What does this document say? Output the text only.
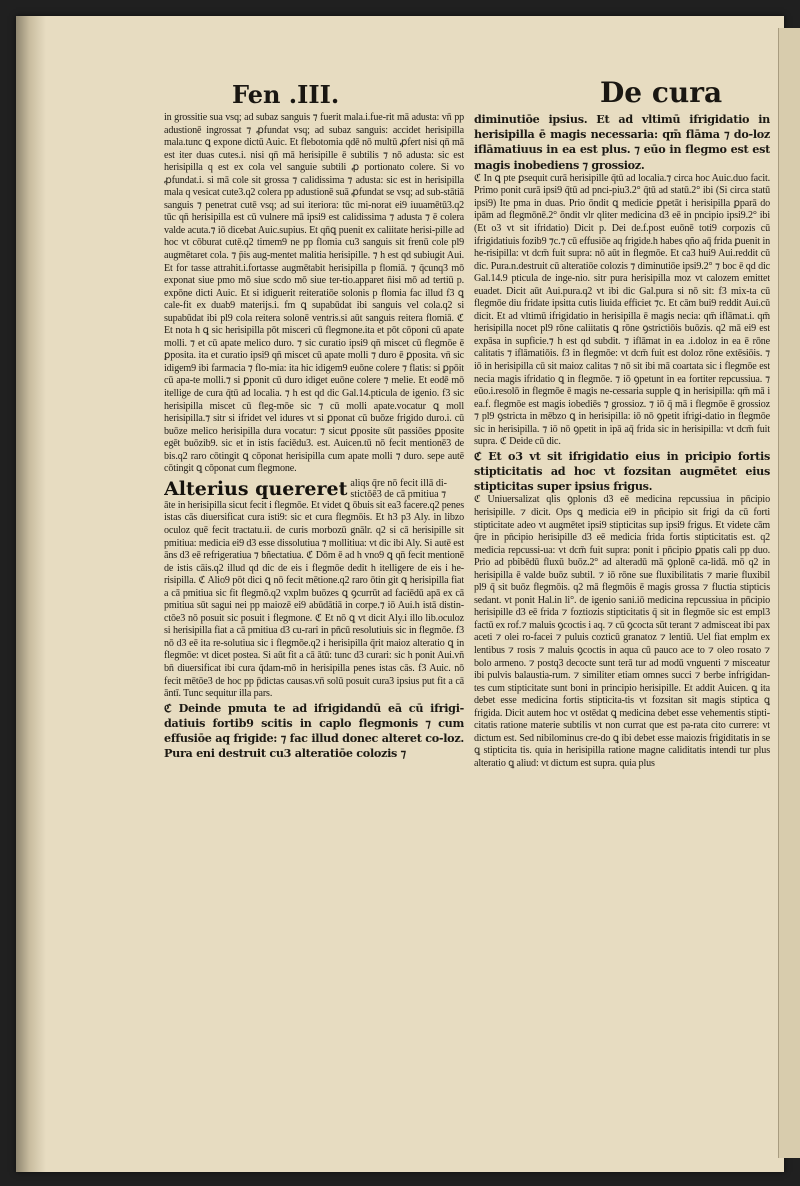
Fen .III.	De cura

in grossitie sua vsq; ad subaz sanguis ⁊ fuerit mala.i.fue-rit mā adusta: vn̄ pp adustionē ingrossat ⁊ ꝓfundat vsq; ad subaz sanguis: accidet herisipilla mala.tunc ꝗ expone dictū Auic. Et flebotomia qdē nō multū ꝓfert nisi qn̄ mā est iter duas cutes.i. nisi qn̄ mā herisipille ē subtilis ⁊ nō adusta: sic est herisipilla q est ex cola vel sanguie subtili ꝓ portionato colere. Si vo ꝓfundat.i. si mā cole sit grossa ⁊ calidissima ⁊ adusta: sic est in herisipilla mala q vesicat cute3.q2 colera pp adustionē suā ꝓfundat se vsq; ad sub-stātiā sanguis ⁊ penetrat cutē vsq; ad sui iteriora: tūc mi-norat ei9 iuuamētū3.q2 tūc qn̄ herisipilla est cū vulnere mā ipsi9 est calidissima ⁊ adusta ⁊ ē colera valde acuta.⁊ iō dicebat Auic.supius. Et qn̄ꝗ puenit ex caliitate herisi-pille ad hoc vt cōburat cutē.q2 timem9 ne pp flomia cu3 sanguis sit frenū cole pl9 augmētaret cola. ⁊ p̄is aug-mentet malitia herisipille. ⁊ h est qd subiugit Aui. Et for tasse attrahit.i.fortasse augmētabit herisipilla p flomiā. ⁊ q̄cunq3 mō exponat siue pmo mō siue scdo mō siue ter-tio.apparet n̄isi mō ad tertiū p. expōne dicti Auic. Et si idiguerit reiteratiōe solonis p flomia fac illud f3 ꝗ cale-fit ex duab9 materijs.i. fm ꝗ supabūdat ibi sanguis vel cola.q2 si supabūdat ibi pl9 cola reitera solonē ventris.si aūt sanguis reitera flomiā. ℭ Et nota h ꝗ sic herisipilla pōt misceri cū flegmone.ita et pōt cōponi cū apate molli. ⁊ et cū apate melico duro. ⁊ sic curatio ipsi9 qn̄ miscet cū flegmōe ē ꝑposita. ita et curatio ipsi9 qn̄ miscet cū apate molli ⁊ duro ē ꝑposita. vn̄ sic idigem9 ibi farmacia ⁊ flo-mia: ita hic idigem9 euōne colere ⁊ flatis: si ꝑpōit cū apa-te molli.⁊ si ꝑponit cū duro idiget euōne colere ⁊ melie. Et eodē mō itellige de cura q̄tū ad localia. ⁊ h est qd dic Gal.14.pticula de igenio. f3 sic herisipilla miscet cū fleg-mōe sic ⁊ cū molli apate.vocatur ꝗ moll herisipilla.⁊ sitr si ifridet vel idures vt si ꝑponat cū buōze frigido duro.i. cū buōze melico herisipilla dura vocatur: ⁊ sicut ꝑposite sūt passiōes ꝑposite egēt buōzib9. sic et in istis faciēdu3. est. Auicen.tū nō fecit mentionē3 de bis.q2 raro cōtingit ꝗ cōponat herisipilla cum apate molli ⁊ duro. sepe autē cōtingit ꝗ cōponat cum flegmone.

Alterius quereret aliqs q̄re nō fecit illā di-stictōē3 de cā pmitiua ⁊

āte in herisipilla sicut fecit i flegmōe. Et videt ꝗ ōbuis sit ea3 facere.q2 penes istas cās diuersificat cura isti9: sic et cura flegmōis. Et h3 p3 Aly. in libzo oculoz quē fecit tractatu.ii. de curis morbozū gnālr. q2 si cā herisipille sit pmitiua: medicia ei9 d3 esse dissolutiua ⁊ mollitiua: vt dic ibi Aly. Si autē est āns d3 eē refrigeratiua ⁊ bñectatiua. ℭ Dōm ē ad h vno9 ꝗ qn̄ fecit mentionē de istis cāis.q2 illud qd dic de eis i flegmōe dedit h itelligere de eis i he-risipilla. ℭ Alio9 pōt dici ꝗ nō fecit mētione.q2 raro ōtin git ꝗ herisipilla fiat a cā pmitiua sic fit flegmō.q2 vxplm buōzes ꝗ ꝯcurrūt ad faciēdū apā ex cā pmitiua sūt sagui nei pp maiozē ei9 abūdātiā in corpe.⁊ iō Aui.h istā distin-ctōe3 nō posuit sic posuit i flegmone. ℭ Et nō ꝗ vt dicit Aly.i illo lib.oculoz si herisipilla fiat a cā pmitiua d3 cu-rari in pn̄cū resolutiuis sic in flegmōe. f3 nō d3 eē ita re-solutiua sic i flegmōe.q2 i herisipilla q̄rit maioz alteratio ꝗ in flegmōe: vt dicet postea. Si aūt fit a cā ātū: tunc d3 curari: sic h ponit Aui.vn̄ bn̄ diuersificat ibi cura q̄dam-mō in herisipilla penes istas cās. f3 Auic. nō fecit mētōe3 de hoc pp p̄dictas causas.vn̄ solū posuit cura3 ipsius put fit a cā āntī. Tunc sequitur illa pars.

ℭ Deinde pmuta te ad ifrigidandū eā cū ifrigi-datiuis fortib9 scitis in caplo flegmonis ⁊ cum effusiōe aq frigide: ⁊ fac illud donec alteret co-loz. Pura eni destruit cu3 alteratiōe colozis ⁊

diminutiōe ipsius. Et ad vltimū ifrigidatio in herisipilla ē magis necessaria: qm̄ flāma ⁊ do-loz iflāmatiuus in ea est plus. ⁊ eūo in flegmo est est magis inobediens ⁊ grossioz.

ℭ In ꝗ pte ꝑsequit curā herisipille q̄tū ad localia.⁊ circa hoc Auic.duo facit. Primo ponit curā ipsi9 q̄tū ad pnci-piu3.2° q̄tū ad statū.2° ibi (Si circa statū ipsi9) Ite pma in duas. Prio ōndit ꝗ medicie ꝑpetāt i herisipilla ꝑparā do ipām ad flegmōnē.2° ōndit vlr qliter medicina d3 eē in pncipio ipsi9.2° ibi (Et o3 vt sit ifridatio) Dicit p. Dei de.f.post euōnē toti9 corpozis cū ifrigidatiuis fozib9 ⁊c.⁊ cū effusiōe aq frigide.h habes qño aq̄ frida ꝑuenit in he-risipilla: vt dcm̄ fuit supra: nō aūt in flegmōe. Et ca3 hui9 Aui.reddit cū dic. Pura.n.destruit cū alteratiōe colozis ⁊ diminutiōe ipsi9.2° ⁊ boc ē qd dic Gal.14.9 pticula de inge-nio. sitr pura herisipilla moz vt calozem emittet euadet. Dicit aūt Aui.pura.q2 vt ibi dic Gal.pura si nō sit: f3 mix-ta cū flegmōe diu fridate ipsitta cutis liuida efficiet ⁊c. Et cām bui9 reddit Aui.cū dicit. Et ad vltimū ifrigidatio in herisipilla ē magis necia: qm̄ iflāmat.i. qm̄ herisipilla nocet pl9 rōne caliitatis ꝗ rōne ꝯstrictiōis buōzis. q2 mā ei9 est expāsa in supficie.⁊ h est qd subdit. ⁊ iflāmat in ea .i.doloz in ea ē rōne calitatis ⁊ iflāmatiōis. f3 in flegmōe: vt dcm̄ fuit est doloz rōne extēsiōis. ⁊ iō in herisipilla cū sit maioz calitas ⁊ nō sit ibi mā coartata sic i flegmōe est necia magis ifridatio ꝗ in flegmōe. ⁊ iō ꝯpetunt in ea fortiter repcussiua. ⁊ eūo.i.resolō in flegmōe ē magis ne-cessaria supple ꝗ in herisipilla: qm̄ mā i ea.f. flegmōe est magis iobediēs ⁊ grossioz. ⁊ iō q̄ mā i flegmōe ē grossioz ⁊ pl9 ꝯstricta in mēbzo ꝗ in herisipilla: iō nō ꝯpetit ifrigi-datio in flegmōe sic in herisipilla. ⁊ iō nō ꝯpetit in ipā aq̄ frida sic in herisipilla: vt dcm̄ fuit supra. ℭ Deide cū dic.

ℭ Et o3 vt sit ifrigidatio eius in pricipio fortis stipticitatis ad hoc vt fozsitan augmētet eius stipticitas super ipsius frigus.

ℭ Uniuersalizat qlis ꝯplonis d3 eē medicina repcussiua in pn̄cipio herisipille. ⁊ dicit. Ops ꝗ medicia ei9 in pn̄cipio sit frigi da cū forti stipticitate adeo vt augmētet ipsi9 stipticitas sup ipsi9 frigus. Et videte cām q̄re in pn̄cipio herisipille d3 eē medicia frida fortis stipticitatis est. q2 medicia repcussi-ua: vt dcm̄ fuit supra: ponit i pn̄cipio ꝑpatis cali pp duo. Prio ad pbibēdū fluxū buōz.2° ad alteradū mā ꝯplonē ca-lidā. mō q2 in herisipilla ē valde buōz subtil. ⁊ iō rōne sue fluxibilitatis ⁊ marie fluxibil pl9 q̄ sit buōz flegmōis. q2 mā flegmōis ē magis grossa ⁊ fluctia stipticis sedant. vt ponit Hal.in li°. de igenio sani.iō medicina repcussiua in pn̄cipio herisipille d3 eē frida ⁊ foztiozis stipticitatis q̄ sit in flegmōe sic est empl3 factū ex rof.⁊ maluis ꝯcoctis i aq. ⁊ cū ꝯcocta sūt terant ⁊ admisceat ibi pax aceti ⁊ olei ro-facei ⁊ puluis cozticū granatoz ⁊ lentiū. Uel fiat emplm ex lentibus ⁊ rosis ⁊ maluis ꝯcoctis in aqua cū pauco ace to ⁊ oleo rosato ⁊ bolo armeno. ⁊ postq3 decocte sunt terā tur ad modū vnguenti ⁊ misceatur ibi pulvis balaustia-rum. ⁊ similiter etiam omnes succi ⁊ berbe infrigidan-tes cum stipticitate sunt boni in principio herisipille. Et addit Auicen. ꝗ ita debet esse medicina fortis stipticita-tis vt fozsitan sit magis stiptica ꝗ frigida. Dicit autem hoc vt ostēdat ꝗ medicina debet esse vehementis stipti-citatis ratione materie subtilis vt non currat que est pa-rata cito currere: vt dictum est. Sed nibilominus cre-do ꝗ ibi debet esse maiozis frigiditatis in se ꝗ stipticita tis. quia in herisipilla ratione magne caliditatis intendi tur plus alteratio ꝗ aliud: vt dictum est supra. quia plus
